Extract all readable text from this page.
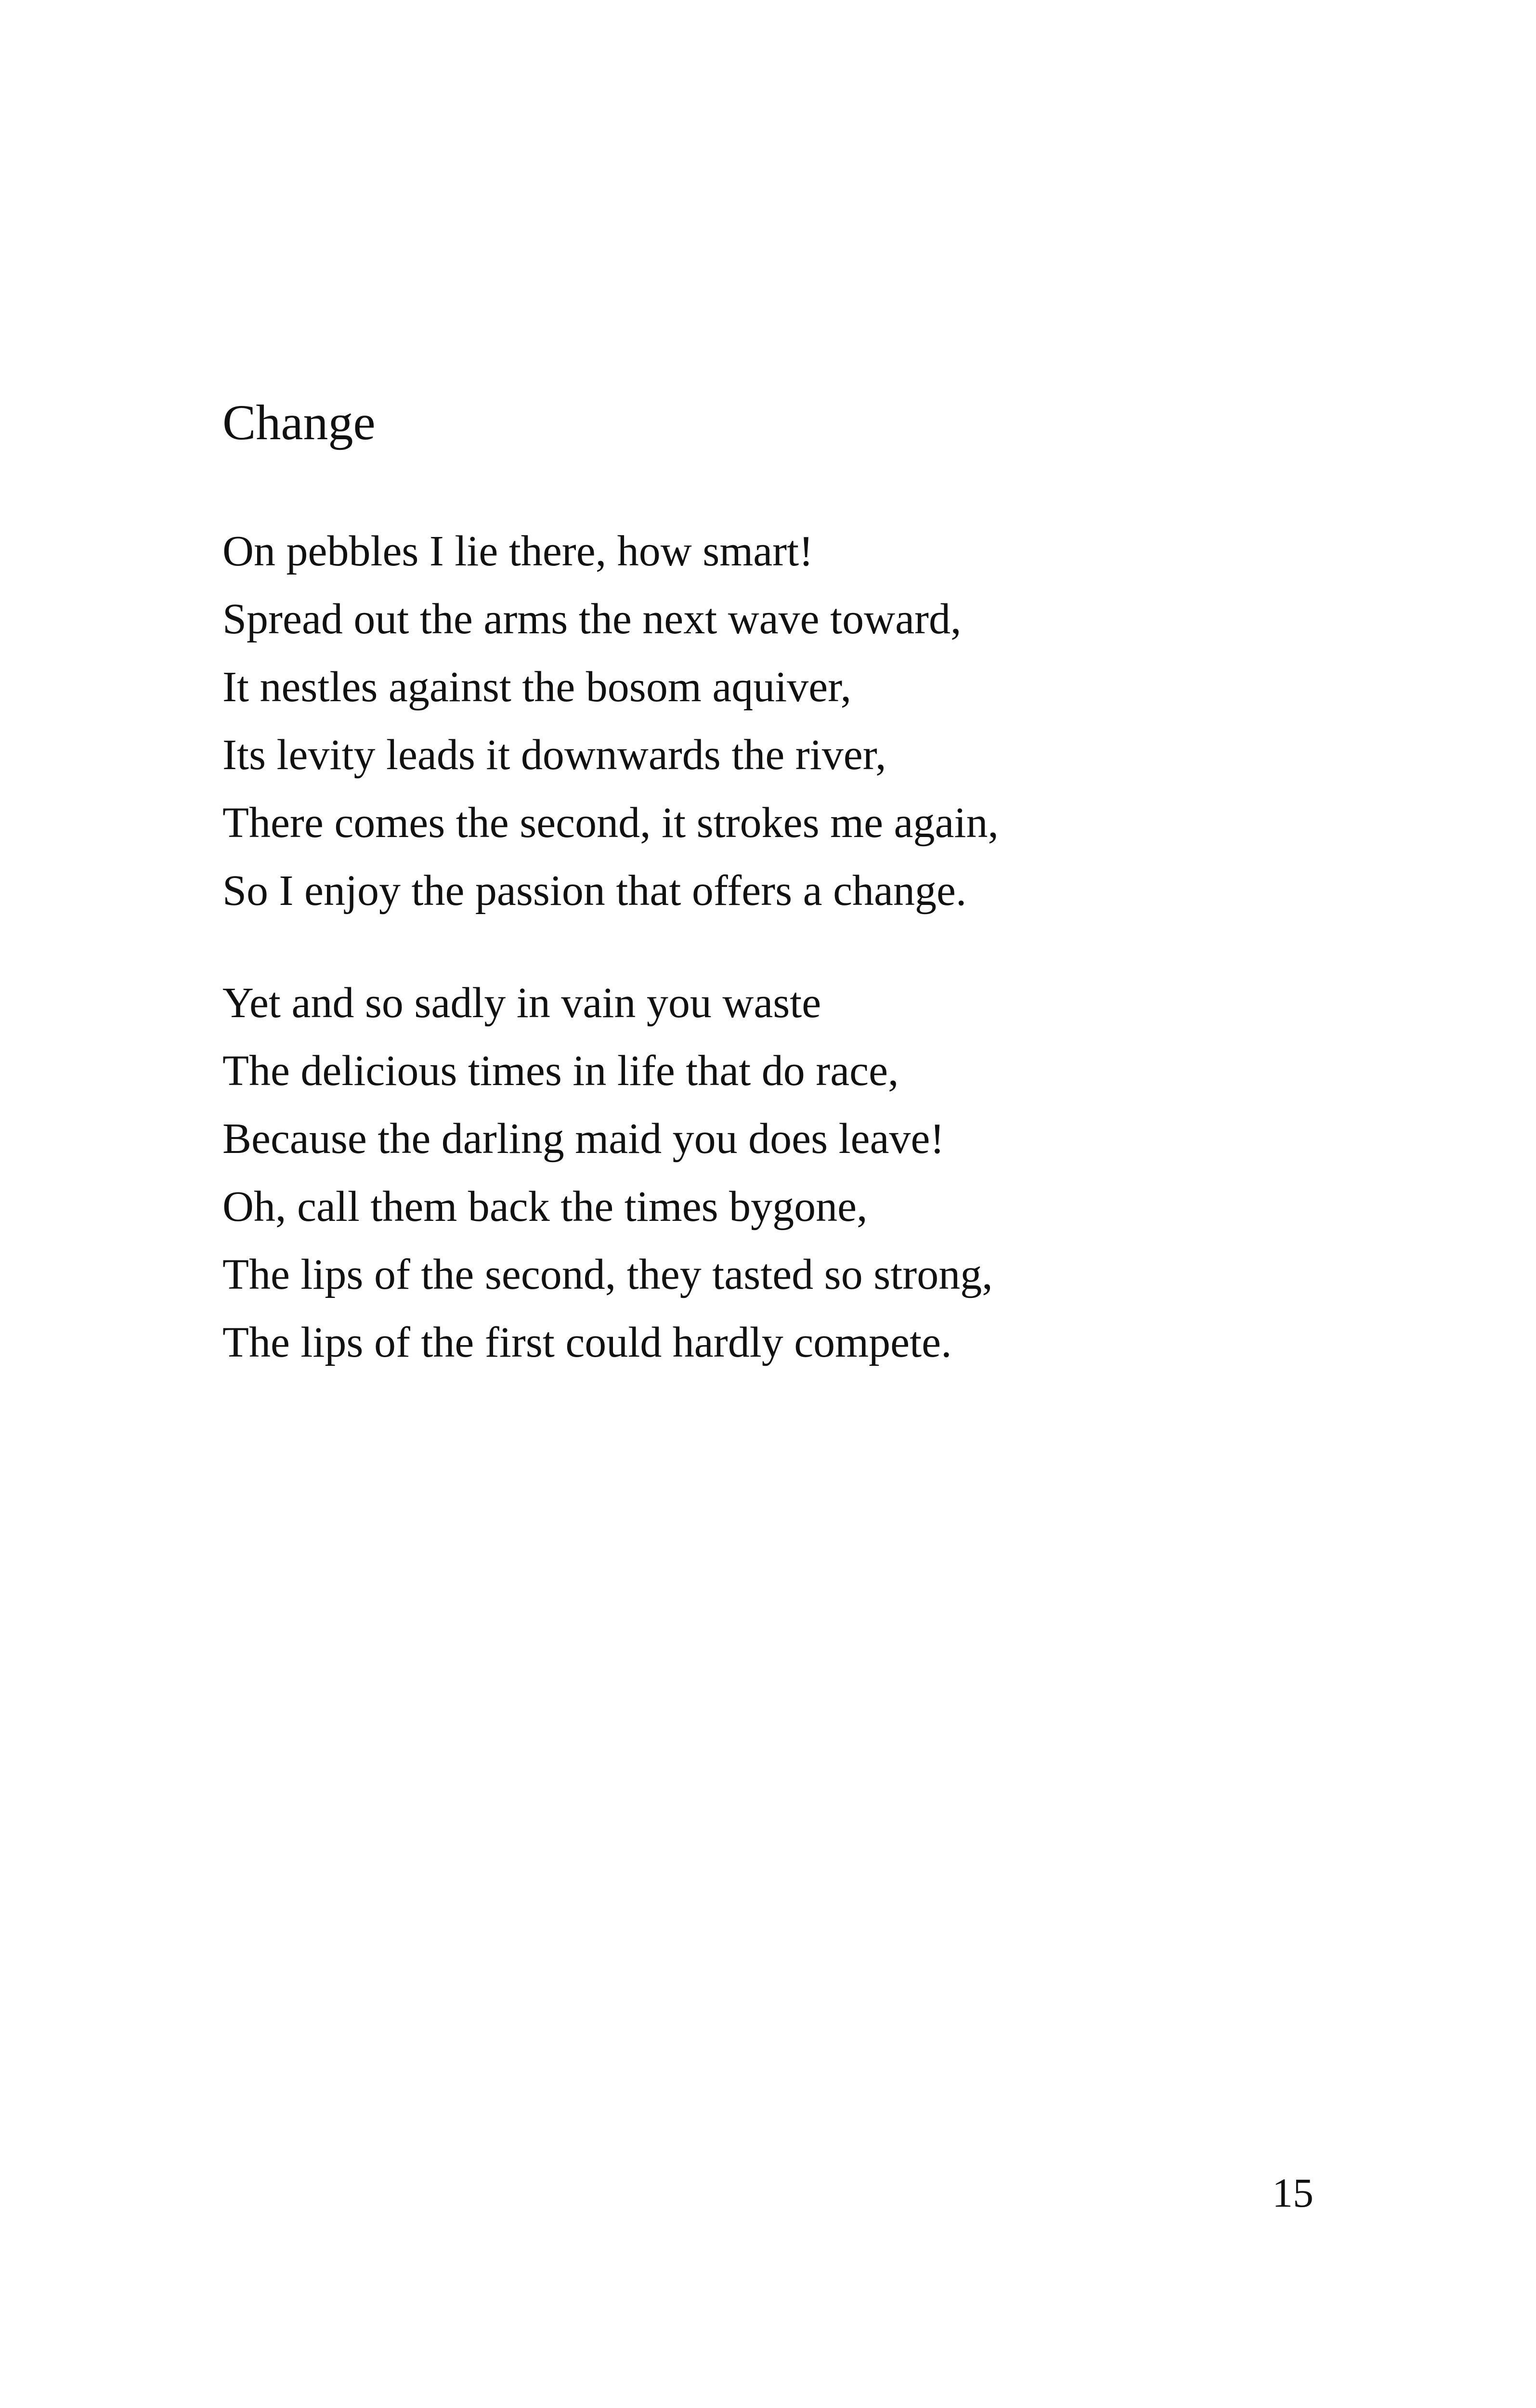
Change
On pebbles I lie there, how smart!
Spread out the arms the next wave toward,
It nestles against the bosom aquiver,
Its levity leads it downwards the river,
There comes the second, it strokes me again,
So I enjoy the passion that offers a change.
Yet and so sadly in vain you waste
The delicious times in life that do race,
Because the darling maid you does leave!
Oh, call them back the times bygone,
The lips of the second, they tasted so strong,
The lips of the first could hardly compete.
15
